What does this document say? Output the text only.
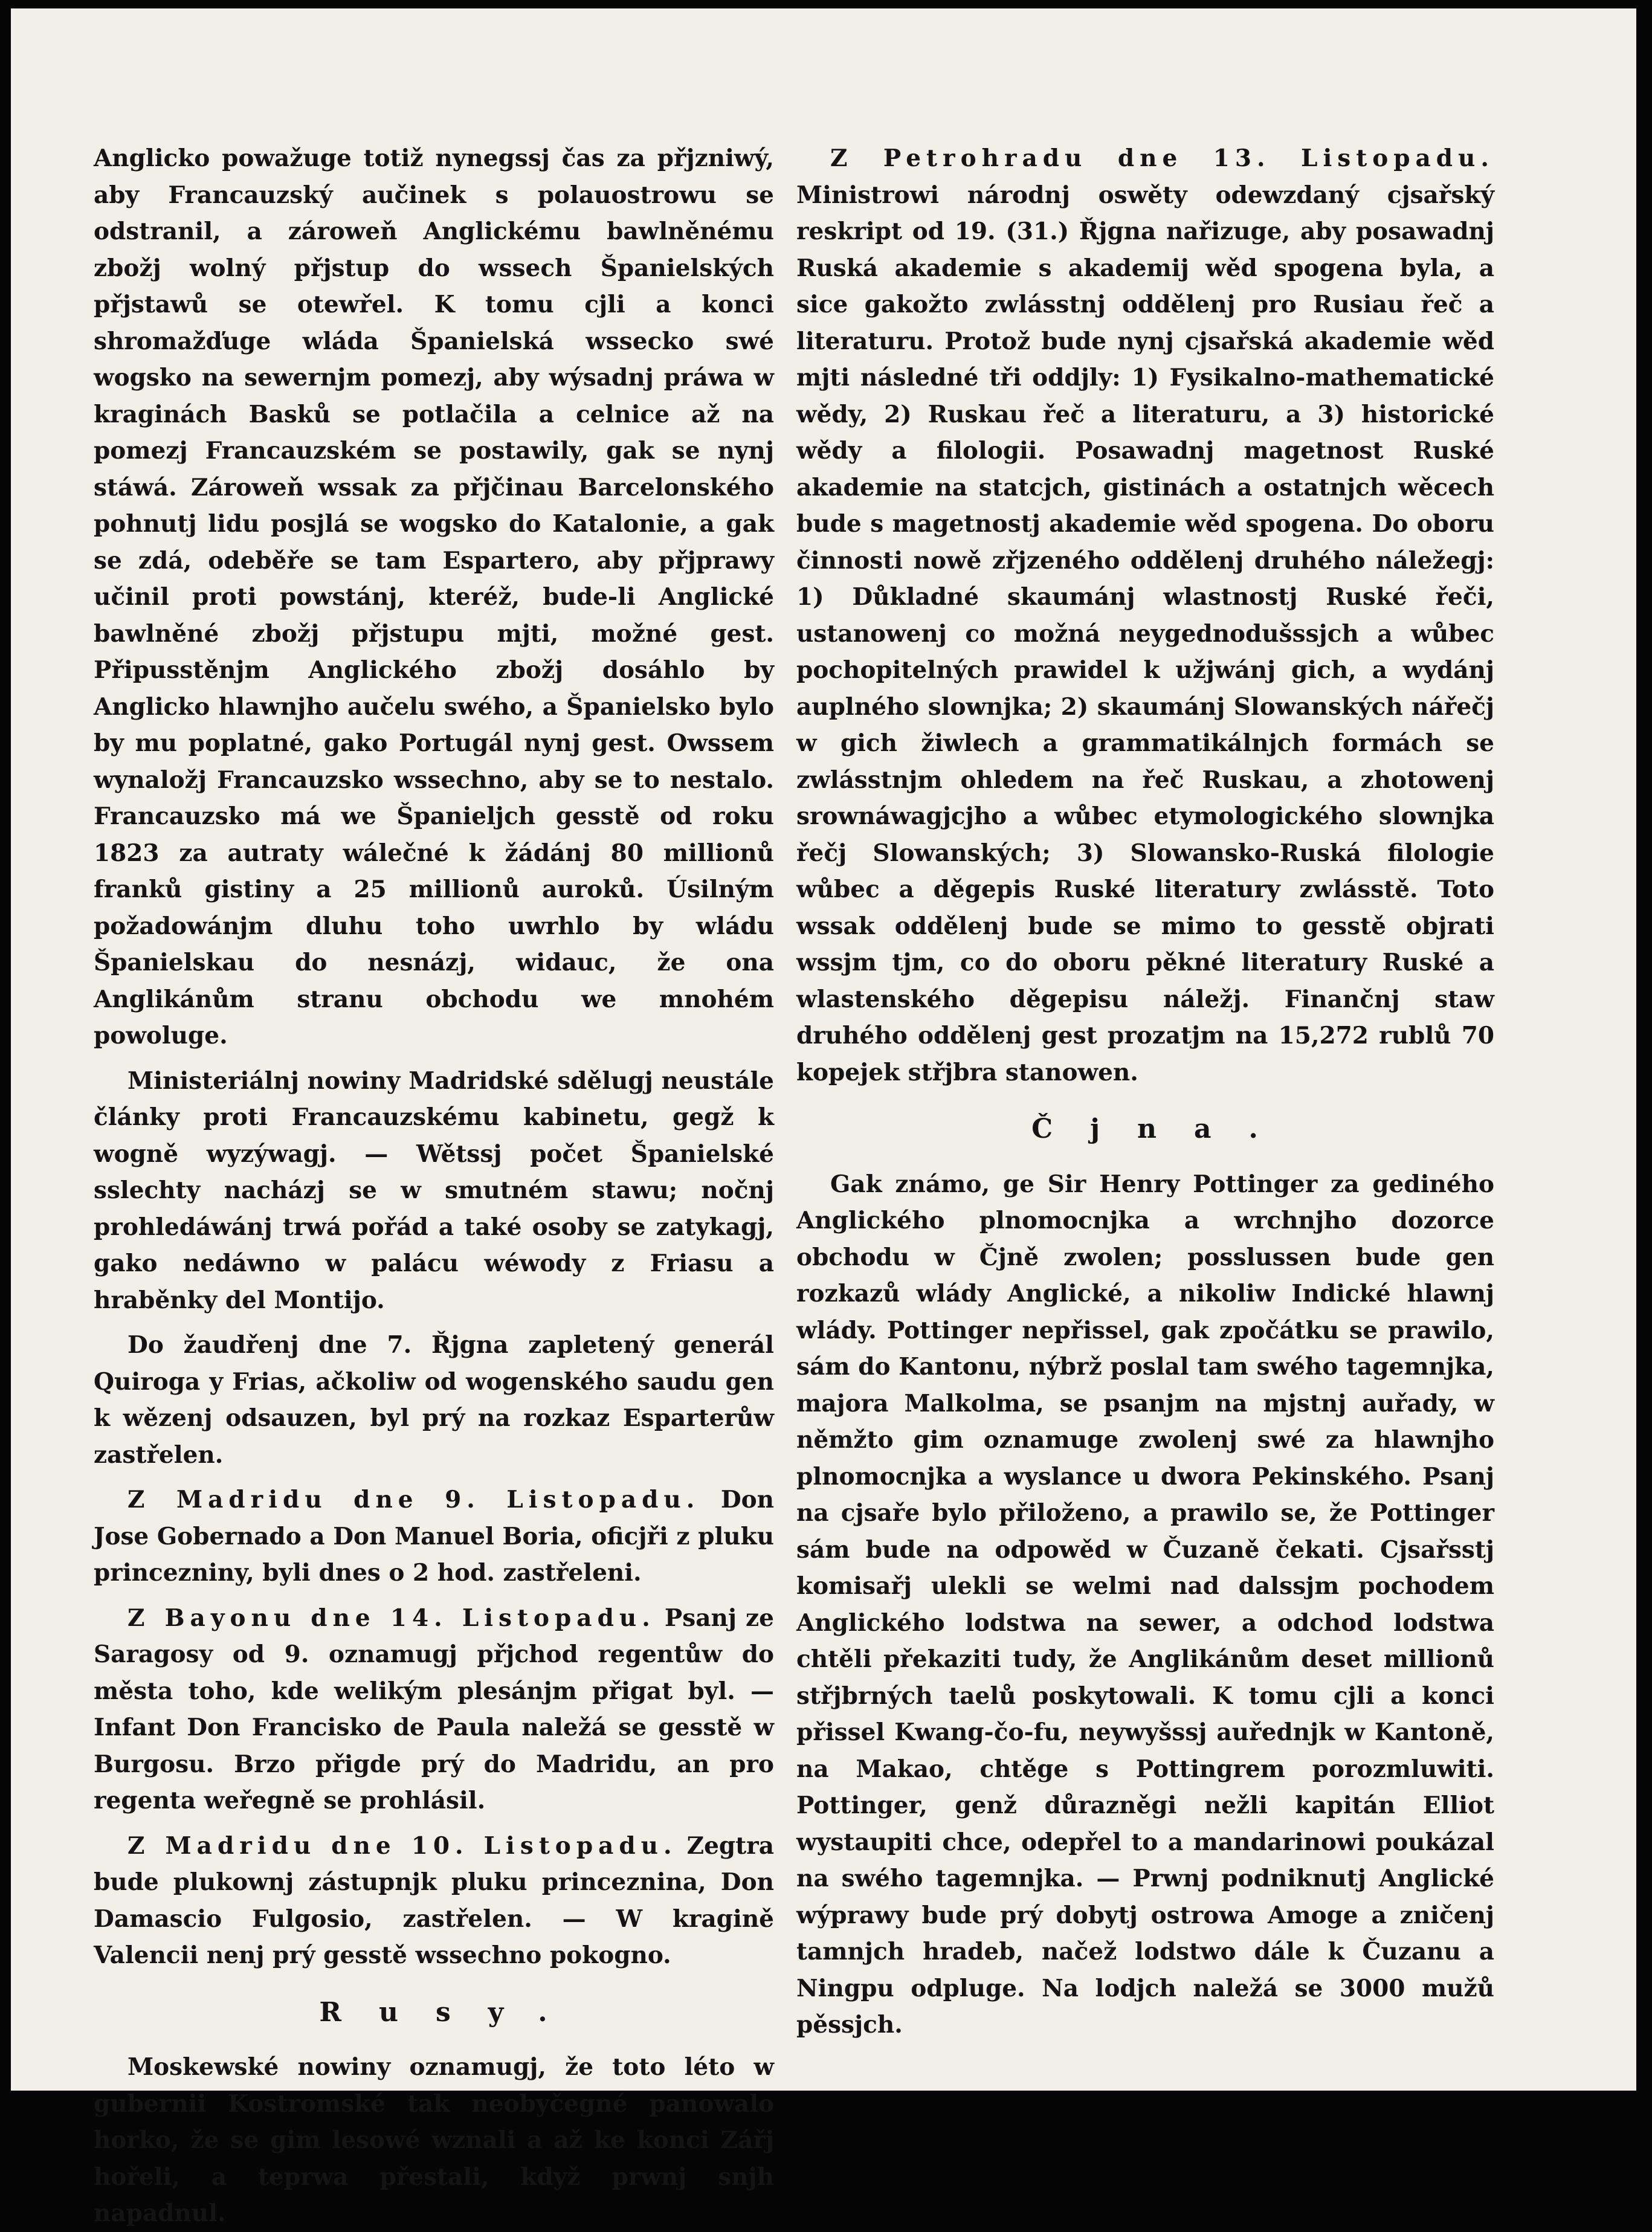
Anglicko powažuge totiž nynegssj čas za přjzniwý, aby Francauzský aučinek s polauostrowu se odstranil, a zároweň Anglickému bawlněnému zbožj wolný přjstup do wssech Španielských přjstawů se otewřel. K tomu cjli a konci shromažďuge wláda Španielská wssecko swé wogsko na sewernjm pomezj, aby wýsadnj práwa w kraginách Basků se potlačila a celnice až na pomezj Francauzském se postawily, gak se nynj stáwá. Zároweň wssak za přjčinau Barcelonského pohnutj lidu posjlá se wogsko do Katalonie, a gak se zdá, odeběře se tam Espartero, aby přjprawy učinil proti powstánj, kteréž, bude-li Anglické bawlněné zbožj přjstupu mjti, možné gest. Připusstěnjm Anglického zbožj dosáhlo by Anglicko hlawnjho aučelu swého, a Španielsko bylo by mu poplatné, gako Portugál nynj gest. Owssem wynaložj Francauzsko wssechno, aby se to nestalo. Francauzsko má we Španieljch gesstě od roku 1823 za autraty wálečné k žádánj 80 millionů franků gistiny a 25 millionů auroků. Úsilným požadowánjm dluhu toho uwrhlo by wládu Španielskau do nesnázj, widauc, že ona Anglikánům stranu obchodu we mnohém powoluge.

Ministeriálnj nowiny Madridské sdělugj neustále články proti Francauzskému kabinetu, gegž k wogně wyzýwagj. — Wětssj počet Španielské sslechty nacházj se w smutném stawu; nočnj prohledáwánj trwá pořád a také osoby se zatykagj, gako nedáwno w palácu wéwody z Friasu a hraběnky del Montijo.

Do žaudřenj dne 7. Řjgna zapletený generál Quiroga y Frias, ačkoliw od wogenského saudu gen k wězenj odsauzen, byl prý na rozkaz Esparterůw zastřelen.

Z Madridu dne 9. Listopadu. Don Jose Gobernado a Don Manuel Boria, oficjři z pluku princezniny, byli dnes o 2 hod. zastřeleni.

Z Bayonu dne 14. Listopadu. Psanj ze Saragosy od 9. oznamugj přjchod regentůw do města toho, kde welikým plesánjm přigat byl. — Infant Don Francisko de Paula naležá se gesstě w Burgosu. Brzo přigde prý do Madridu, an pro regenta weřegně se prohlásil.

Z Madridu dne 10. Listopadu. Zegtra bude plukownj zástupnjk pluku princeznina, Don Damascio Fulgosio, zastřelen. — W kragině Valencii nenj prý gesstě wssechno pokogno.

Rusy.

Moskewské nowiny oznamugj, že toto léto w gubernii Kostromské tak neobyčegné panowalo horko, že se gim lesowé wznali a až ke konci Zářj hořeli, a teprwa přestali, když prwnj snjh napadnul.

Z Petrohradu dne 13. Listopadu. Ministrowi národnj oswěty odewzdaný cjsařský reskript od 19. (31.) Řjgna nařizuge, aby posawadnj Ruská akademie s akademij wěd spogena byla, a sice gakožto zwlásstnj oddělenj pro Rusiau řeč a literaturu. Protož bude nynj cjsařská akademie wěd mjti následné tři oddjly: 1) Fysikalno-mathematické wědy, 2) Ruskau řeč a literaturu, a 3) historické wědy a filologii. Posawadnj magetnost Ruské akademie na statcjch, gistinách a ostatnjch wěcech bude s magetnostj akademie wěd spogena. Do oboru činnosti nowě zřjzeného oddělenj druhého náležegj: 1) Důkladné skaumánj wlastnostj Ruské řeči, ustanowenj co možná neygednodušssjch a wůbec pochopitelných prawidel k užjwánj gich, a wydánj auplného slownjka; 2) skaumánj Slowanských nářečj w gich žiwlech a grammatikálnjch formách se zwlásstnjm ohledem na řeč Ruskau, a zhotowenj srownáwagjcjho a wůbec etymologického slownjka řečj Slowanských; 3) Slowansko-Ruská filologie wůbec a děgepis Ruské literatury zwlásstě. Toto wssak oddělenj bude se mimo to gesstě objrati wssjm tjm, co do oboru pěkné literatury Ruské a wlastenského děgepisu náležj. Finančnj staw druhého oddělenj gest prozatjm na 15,272 rublů 70 kopejek střjbra stanowen.

Čjna.

Gak známo, ge Sir Henry Pottinger za gediného Anglického plnomocnjka a wrchnjho dozorce obchodu w Čjně zwolen; posslussen bude gen rozkazů wlády Anglické, a nikoliw Indické hlawnj wlády. Pottinger nepřissel, gak zpočátku se prawilo, sám do Kantonu, nýbrž poslal tam swého tagemnjka, majora Malkolma, se psanjm na mjstnj auřady, w němžto gim oznamuge zwolenj swé za hlawnjho plnomocnjka a wyslance u dwora Pekinského. Psanj na cjsaře bylo přiloženo, a prawilo se, že Pottinger sám bude na odpowěd w Čuzaně čekati. Cjsařsstj komisařj ulekli se welmi nad dalssjm pochodem Anglického lodstwa na sewer, a odchod lodstwa chtěli překaziti tudy, že Anglikánům deset millionů střjbrných taelů poskytowali. K tomu cjli a konci přissel Kwang-čo-fu, neywyšssj auřednjk w Kantoně, na Makao, chtěge s Pottingrem porozmluwiti. Pottinger, genž důrazněgi nežli kapitán Elliot wystaupiti chce, odepřel to a mandarinowi poukázal na swého tagemnjka. — Prwnj podniknutj Anglické wýprawy bude prý dobytj ostrowa Amoge a zničenj tamnjch hradeb, načež lodstwo dále k Čuzanu a Ningpu odpluge. Na lodjch naležá se 3000 mužů pěssjch.
